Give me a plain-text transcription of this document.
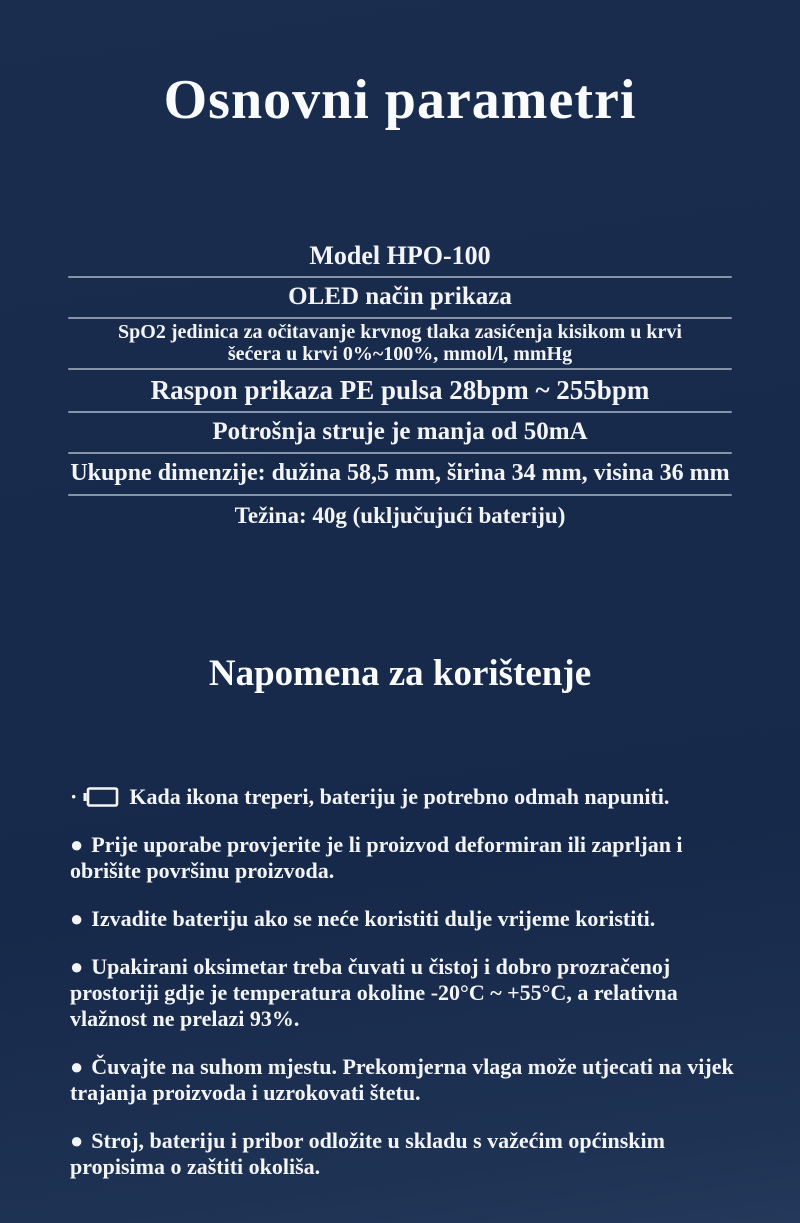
Osnovni parametri
Model HPO-100
OLED način prikaza
SpO2 jedinica za očitavanje krvnog tlaka zasićenja kisikom u krvi šećera u krvi 0%~100%, mmol/l, mmHg
Raspon prikaza PE pulsa 28bpm ~ 255bpm
Potrošnja struje je manja od 50mA
Ukupne dimenzije: dužina 58,5 mm, širina 34 mm, visina 36 mm
Težina: 40g (uključujući bateriju)
Napomena za korištenje

· Kada ikona treperi, bateriju je potrebno odmah napuniti.

● Prije uporabe provjerite je li proizvod deformiran ili zaprljan i obrišite površinu proizvoda.

● Izvadite bateriju ako se neće koristiti dulje vrijeme koristiti.

● Upakirani oksimetar treba čuvati u čistoj i dobro prozračenoj prostoriji gdje je temperatura okoline -20°C ~ +55°C, a relativna vlažnost ne prelazi 93%.

● Čuvajte na suhom mjestu. Prekomjerna vlaga može utjecati na vijek trajanja proizvoda i uzrokovati štetu.

● Stroj, bateriju i pribor odložite u skladu s važećim općinskim propisima o zaštiti okoliša.
